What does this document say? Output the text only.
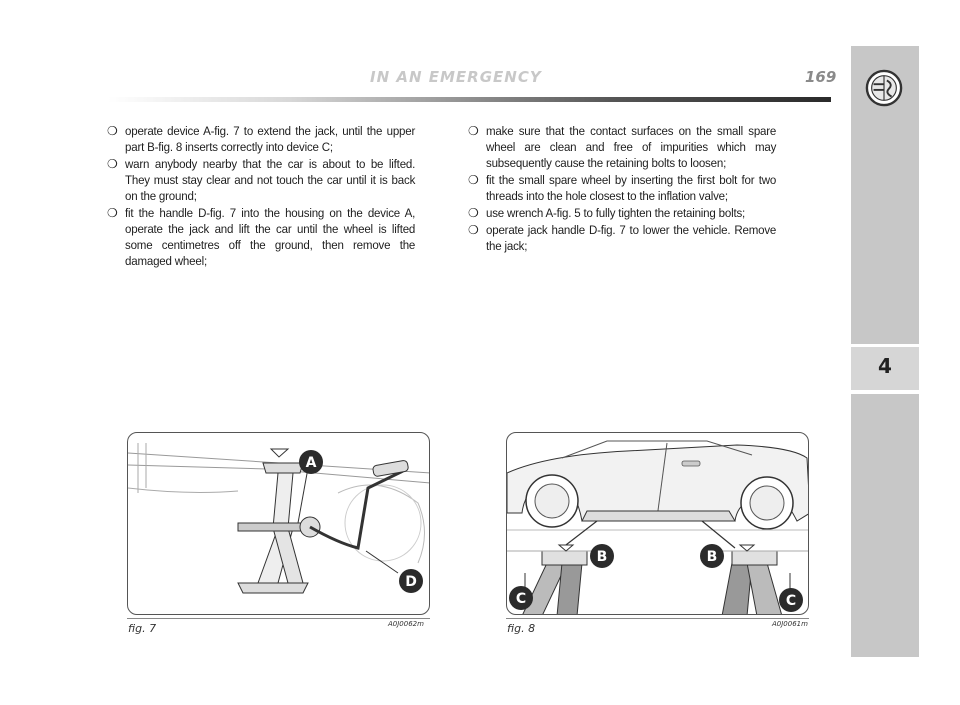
IN AN EMERGENCY	169
4
❍ operate device A-fig. 7 to extend the jack, until the upper part B-fig. 8 inserts correctly into device C;
❍ warn anybody nearby that the car is about to be lifted. They must stay clear and not touch the car until it is back on the ground;
❍ fit the handle D-fig. 7 into the housing on the device A, operate the jack and lift the car until the wheel is lifted some centimetres off the ground, then remove the damaged wheel;
❍ make sure that the contact surfaces on the small spare wheel are clean and free of impurities which may subsequently cause the retaining bolts to loosen;
❍ fit the small spare wheel by inserting the first bolt for two threads into the hole closest to the inflation valve;
❍ use wrench A-fig. 5 to fully tighten the retaining bolts;
❍ operate jack handle D-fig. 7 to lower the vehicle. Remove the jack;
A
D
fig. 7	A0J0062m
B
C
B
C
fig. 8	A0J0061m
